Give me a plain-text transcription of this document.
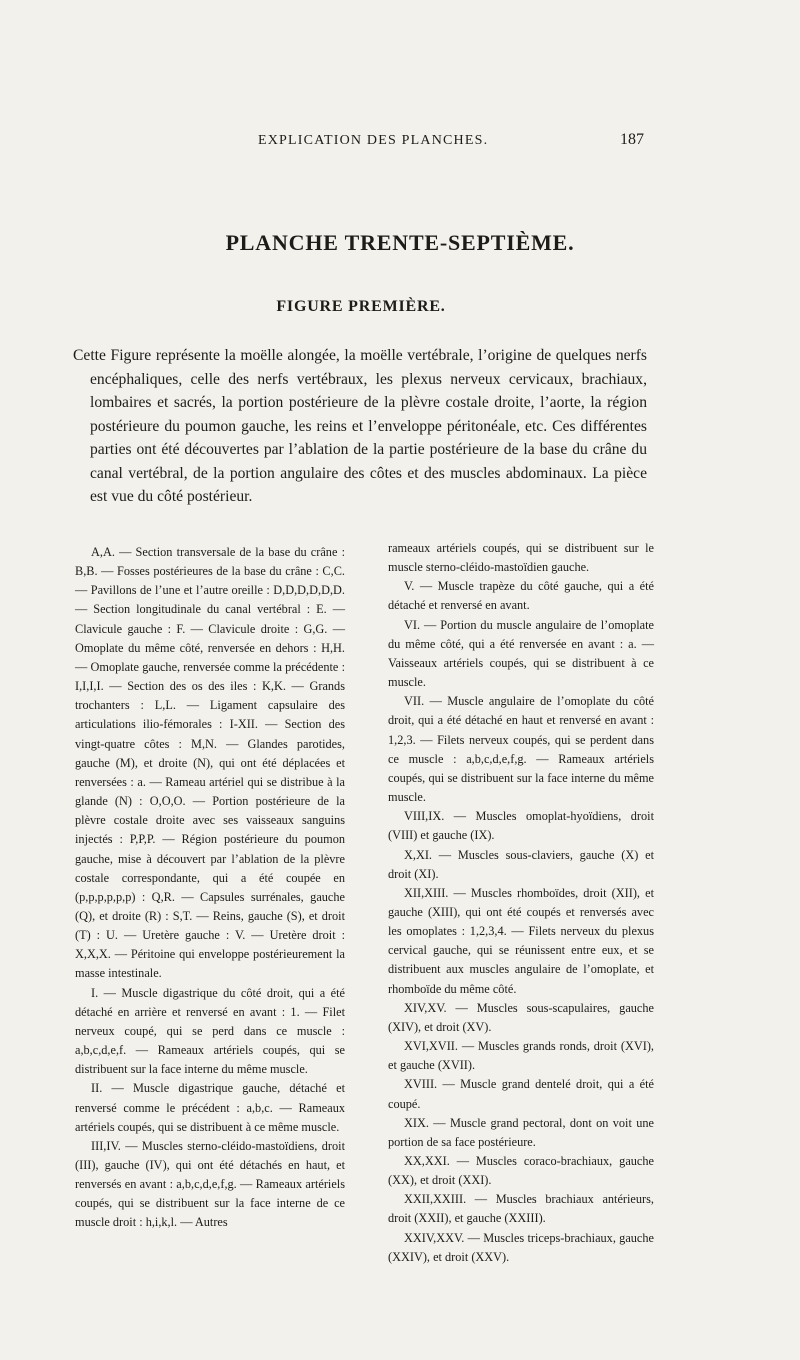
EXPLICATION DES PLANCHES.	187
PLANCHE TRENTE-SEPTIÈME.
FIGURE PREMIÈRE.

Cette Figure représente la moëlle alongée, la moëlle vertébrale, l’origine de quelques nerfs encéphaliques, celle des nerfs vertébraux, les plexus nerveux cervicaux, brachiaux, lombaires et sacrés, la portion postérieure de la plèvre costale droite, l’aorte, la région postérieure du poumon gauche, les reins et l’enveloppe péritonéale, etc. Ces différentes parties ont été découvertes par l’ablation de la partie postérieure de la base du crâne du canal vertébral, de la portion angulaire des côtes et des muscles abdominaux. La pièce est vue du côté postérieur.

A,A. — Section transversale de la base du crâne : B,B. — Fosses postérieures de la base du crâne : C,C. — Pavillons de l’une et l’autre oreille : D,D,D,D,D,D. — Section longitudinale du canal vertébral : E. — Clavicule gauche : F. — Clavicule droite : G,G. — Omoplate du même côté, renversée en dehors : H,H. — Omoplate gauche, renversée comme la précédente : I,I,I,I. — Section des os des iles : K,K. — Grands trochanters : L,L. — Ligament capsulaire des articulations ilio-fémorales : I-XII. — Section des vingt-quatre côtes : M,N. — Glandes parotides, gauche (M), et droite (N), qui ont été déplacées et renversées : a. — Rameau artériel qui se distribue à la glande (N) : O,O,O. — Portion postérieure de la plèvre costale droite avec ses vaisseaux sanguins injectés : P,P,P. — Région postérieure du poumon gauche, mise à découvert par l’ablation de la plèvre costale correspondante, qui a été coupée en (p,p,p,p,p,p) : Q,R. — Capsules surrénales, gauche (Q), et droite (R) : S,T. — Reins, gauche (S), et droit (T) : U. — Uretère gauche : V. — Uretère droit : X,X,X. — Péritoine qui enveloppe postérieurement la masse intestinale.

I. — Muscle digastrique du côté droit, qui a été détaché en arrière et renversé en avant : 1. — Filet nerveux coupé, qui se perd dans ce muscle : a,b,c,d,e,f. — Rameaux artériels coupés, qui se distribuent sur la face interne du même muscle.

II. — Muscle digastrique gauche, détaché et renversé comme le précédent : a,b,c. — Rameaux artériels coupés, qui se distribuent à ce même muscle.

III,IV. — Muscles sterno-cléido-mastoïdiens, droit (III), gauche (IV), qui ont été détachés en haut, et renversés en avant : a,b,c,d,e,f,g. — Rameaux artériels coupés, qui se distribuent sur la face interne de ce muscle droit : h,i,k,l. — Autres

rameaux artériels coupés, qui se distribuent sur le muscle sterno-cléido-mastoïdien gauche.

V. — Muscle trapèze du côté gauche, qui a été détaché et renversé en avant.

VI. — Portion du muscle angulaire de l’omoplate du même côté, qui a été renversée en avant : a. — Vaisseaux artériels coupés, qui se distribuent à ce muscle.

VII. — Muscle angulaire de l’omoplate du côté droit, qui a été détaché en haut et renversé en avant : 1,2,3. — Filets nerveux coupés, qui se perdent dans ce muscle : a,b,c,d,e,f,g. — Rameaux artériels coupés, qui se distribuent sur la face interne du même muscle.

VIII,IX. — Muscles omoplat-hyoïdiens, droit (VIII) et gauche (IX).

X,XI. — Muscles sous-claviers, gauche (X) et droit (XI).

XII,XIII. — Muscles rhomboïdes, droit (XII), et gauche (XIII), qui ont été coupés et renversés avec les omoplates : 1,2,3,4. — Filets nerveux du plexus cervical gauche, qui se réunissent entre eux, et se distribuent aux muscles angulaire de l’omoplate, et rhomboïde du même côté.

XIV,XV. — Muscles sous-scapulaires, gauche (XIV), et droit (XV).

XVI,XVII. — Muscles grands ronds, droit (XVI), et gauche (XVII).

XVIII. — Muscle grand dentelé droit, qui a été coupé.

XIX. — Muscle grand pectoral, dont on voit une portion de sa face postérieure.

XX,XXI. — Muscles coraco-brachiaux, gauche (XX), et droit (XXI).

XXII,XXIII. — Muscles brachiaux antérieurs, droit (XXII), et gauche (XXIII).

XXIV,XXV. — Muscles triceps-brachiaux, gauche (XXIV), et droit (XXV).
